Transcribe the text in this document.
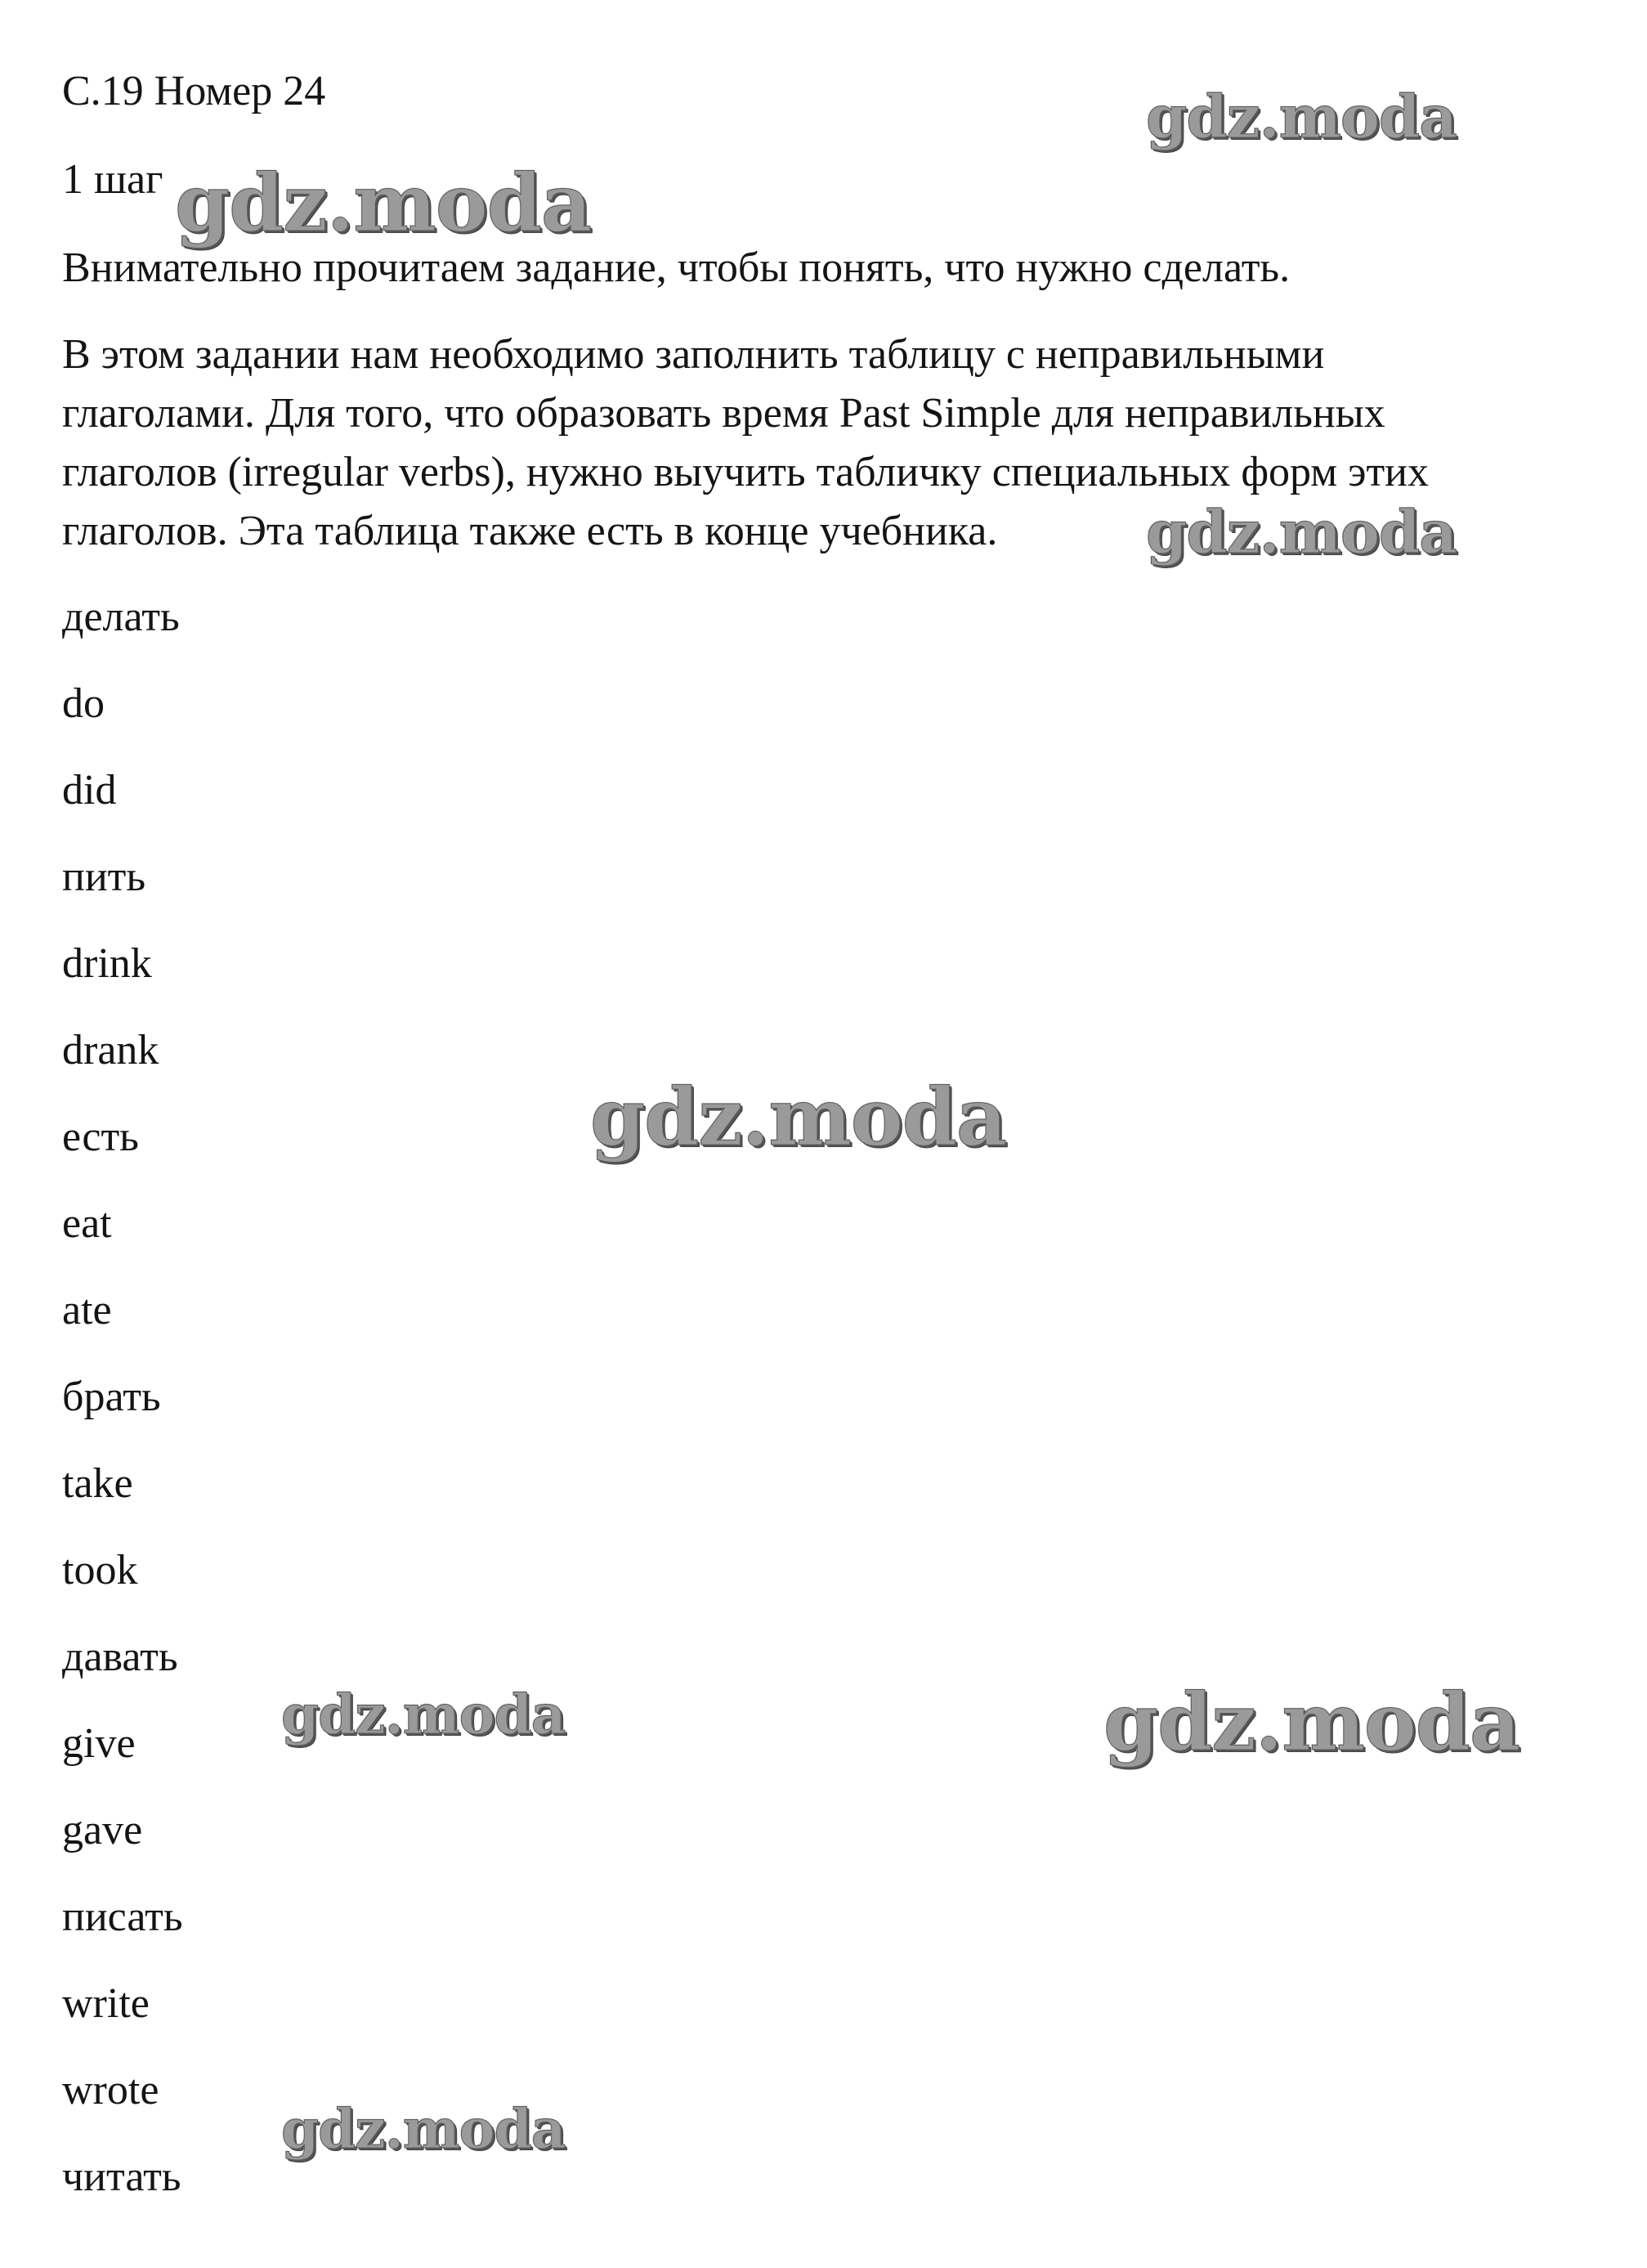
С.19 Номер 24

1 шаг

Внимательно прочитаем задание, чтобы понять, что нужно сделать.

В этом задании нам необходимо заполнить таблицу с неправильными
глаголами. Для того, что образовать время Past Simple для неправильных
глаголов (irregular verbs), нужно выучить табличку специальных форм этих
глаголов. Эта таблица также есть в конце учебника.

делать

do

did

пить

drink

drank

есть

eat

ate

брать

take

took

давать

give

gave

писать

write

wrote

читать

gdz.moda
gdz.moda
gdz.moda
gdz.moda
gdz.moda	gdz.moda
gdz.moda
